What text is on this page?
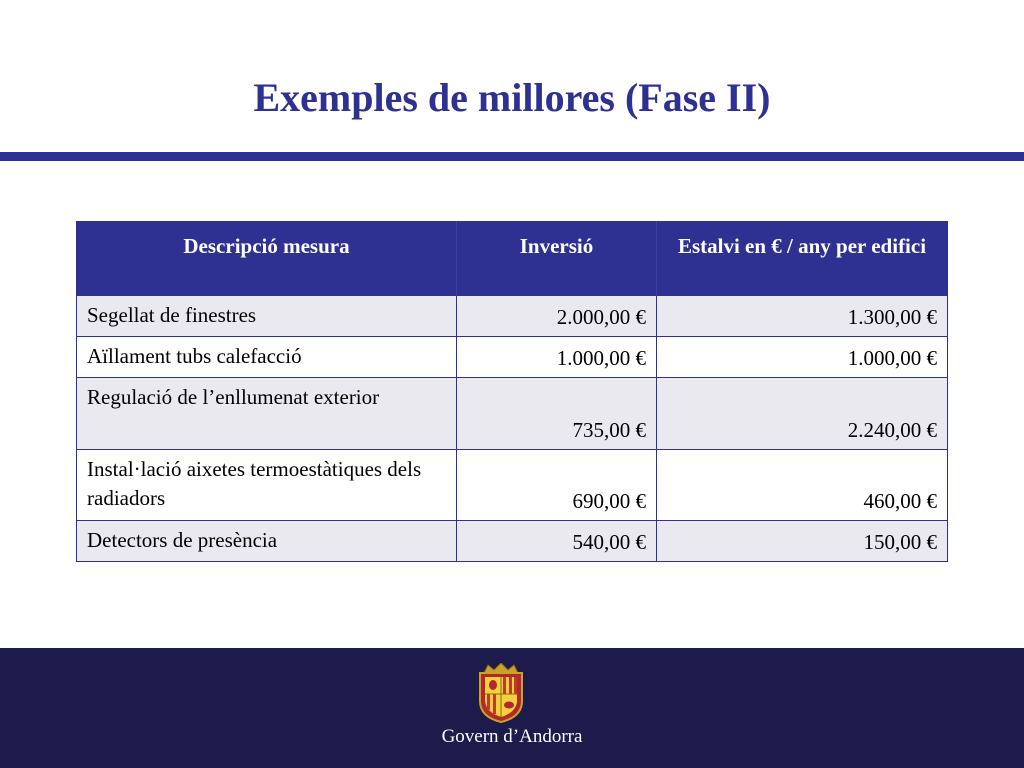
Exemples de millores (Fase II)
Descripció mesura	Inversió	Estalvi en € / any per edifici
Segellat de finestres	2.000,00 €	1.300,00 €
Aïllament tubs calefacció	1.000,00 €	1.000,00 €
Regulació de l’enllumenat exterior	735,00 €	2.240,00 €
Instal·lació aixetes termoestàtiques dels radiadors	690,00 €	460,00 €
Detectors de presència	540,00 €	150,00 €
Govern d’Andorra
